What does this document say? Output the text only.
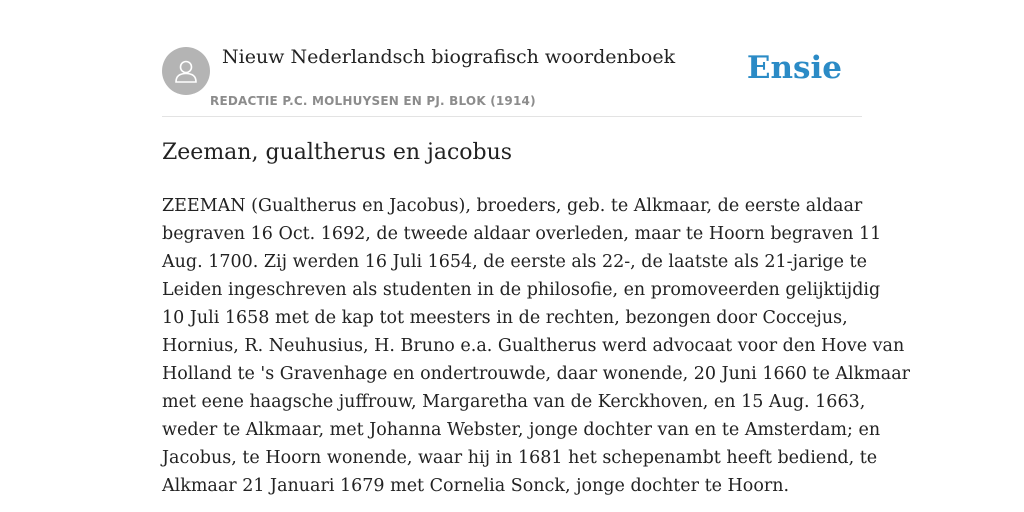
Nieuw Nederlandsch biografisch woordenboek
REDACTIE P.C. MOLHUYSEN EN PJ. BLOK (1914)
Ensie
Zeeman, gualtherus en jacobus

ZEEMAN (Gualtherus en Jacobus), broeders, geb. te Alkmaar, de eerste aldaar
begraven 16 Oct. 1692, de tweede aldaar overleden, maar te Hoorn begraven 11
Aug. 1700. Zij werden 16 Juli 1654, de eerste als 22-, de laatste als 21-jarige te
Leiden ingeschreven als studenten in de philosofie, en promoveerden gelijktijdig
10 Juli 1658 met de kap tot meesters in de rechten, bezongen door Coccejus,
Hornius, R. Neuhusius, H. Bruno e.a. Gualtherus werd advocaat voor den Hove van
Holland te 's Gravenhage en ondertrouwde, daar wonende, 20 Juni 1660 te Alkmaar
met eene haagsche juffrouw, Margaretha van de Kerckhoven, en 15 Aug. 1663,
weder te Alkmaar, met Johanna Webster, jonge dochter van en te Amsterdam; en
Jacobus, te Hoorn wonende, waar hij in 1681 het schepenambt heeft bediend, te
Alkmaar 21 Januari 1679 met Cornelia Sonck, jonge dochter te Hoorn.
